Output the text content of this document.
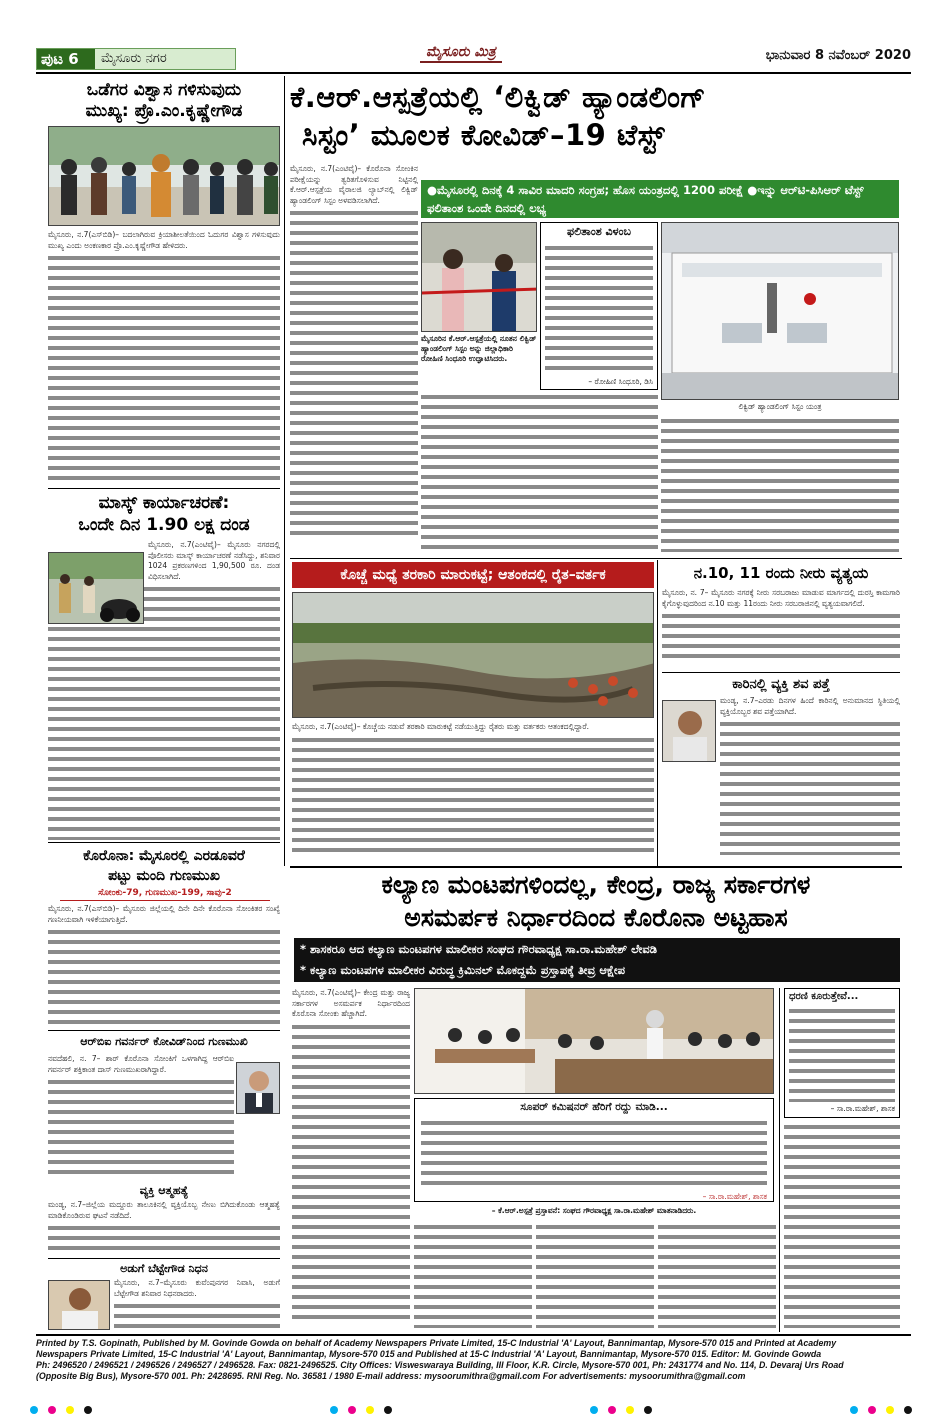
ಪುಟ 6	ಮೈಸೂರು ನಗರ	ಮೈಸೂರು ಮಿತ್ರ	ಭಾನುವಾರ 8 ನವೆಂಬರ್ 2020
ಒಡೆಗರ ವಿಶ್ವಾಸ ಗಳಿಸುವುದು
ಮುಖ್ಯ: ಪ್ರೊ.ಎಂ.ಕೃಷ್ಣೇಗೌಡ
ಮೈಸೂರು, ನ.7(ಎಸ್‌ಬಿಡಿ)– ಬದಲಾಗಿರುವ ಕ್ರಿಯಾಶೀಲತೆಯಿಂದ ಓದುಗರ ವಿಶ್ವಾಸ ಗಳಿಸುವುದು ಮುಖ್ಯ ಎಂದು ಅಂಕಣಕಾರ ಪ್ರೊ.ಎಂ.ಕೃಷ್ಣೇಗೌಡ ಹೇಳಿದರು.
ಮಾಸ್ಕ್ ಕಾರ್ಯಾಚರಣೆ:
ಒಂದೇ ದಿನ 1.90 ಲಕ್ಷ ದಂಡ
ಮೈಸೂರು, ನ.7(ಎಂಟಿವೈ)– ಮೈಸೂರು ನಗರದಲ್ಲಿ ಪೊಲೀಸರು ಮಾಸ್ಕ್ ಕಾರ್ಯಾಚರಣೆ ನಡೆಸಿದ್ದು, ಶನಿವಾರ 1024 ಪ್ರಕರಣಗಳಿಂದ 1,90,500 ರೂ. ದಂಡ ವಿಧಿಸಲಾಗಿದೆ.
ಕೊರೊನಾ: ಮೈಸೂರಲ್ಲಿ ಎರಡೂವರೆ
ಪಟ್ಟು ಮಂದಿ ಗುಣಮುಖ
ಸೋಂಕು-79, ಗುಣಮುಖ-199, ಸಾವು-2
ಮೈಸೂರು, ನ.7(ಎಸ್‌ಬಿಡಿ)– ಮೈಸೂರು ಜಿಲ್ಲೆಯಲ್ಲಿ ದಿನೇ ದಿನೇ ಕೊರೊನಾ ಸೋಂಕಿತರ ಸಂಖ್ಯೆ ಗಣನೀಯವಾಗಿ ಇಳಿಕೆಯಾಗುತ್ತಿದೆ.
ಆರ್‌ಬಿಐ ಗವರ್ನರ್ ಕೋವಿಡ್‌ನಿಂದ ಗುಣಮುಖಿ
ನವದೆಹಲಿ, ನ. 7– ಶಾರ್ ಕೊರೊನಾ ಸೋಂಕಿಗೆ ಒಳಗಾಗಿದ್ದ ಆರ್‌ಬಿಐ ಗವರ್ನರ್ ಶಕ್ತಿಕಾಂತ ದಾಸ್ ಗುಣಮುಖರಾಗಿದ್ದಾರೆ.
ವ್ಯಕ್ತಿ ಆತ್ಮಹತ್ಯೆ
ಮಂಡ್ಯ, ನ.7–ಜಿಲ್ಲೆಯ ಮದ್ದೂರು ತಾಲೂಕಿನಲ್ಲಿ ವ್ಯಕ್ತಿಯೊಬ್ಬ ನೇಣು ಬಿಗಿದುಕೊಂಡು ಆತ್ಮಹತ್ಯೆ ಮಾಡಿಕೊಂಡಿರುವ ಘಟನೆ ನಡೆದಿದೆ.
ಅಡುಗೆ ಬೆಟ್ಟೇಗೌಡ ನಿಧನ
ಮೈಸೂರು, ನ.7–ಮೈಸೂರು ಕುವೆಂಪುನಗರ ನಿವಾಸಿ, ಅಡುಗೆ ಬೆಟ್ಟೇಗೌಡ ಶನಿವಾರ ನಿಧನರಾದರು.
ಕೆ.ಆರ್.ಆಸ್ಪತ್ರೆಯಲ್ಲಿ ‘ಲಿಕ್ವಿಡ್ ಹ್ಯಾಂಡಲಿಂಗ್
ಸಿಸ್ಟಂ’ ಮೂಲಕ ಕೋವಿಡ್–19 ಟೆಸ್ಟ್
ಮೈಸೂರು, ನ.7(ಎಂಟಿವೈ)– ಕೊರೊನಾ ಸೋಂಕಿನ ಪರೀಕ್ಷೆಯನ್ನು ತ್ವರಿತಗೊಳಿಸುವ ನಿಟ್ಟಿನಲ್ಲಿ ಕೆ.ಆರ್.ಆಸ್ಪತ್ರೆಯ ವೈರಾಲಜಿ ಲ್ಯಾಬ್‌ನಲ್ಲಿ ಲಿಕ್ವಿಡ್ ಹ್ಯಾಂಡಲಿಂಗ್ ಸಿಸ್ಟಂ ಅಳವಡಿಸಲಾಗಿದೆ.
●ಮೈಸೂರಲ್ಲಿ ದಿನಕ್ಕೆ 4 ಸಾವಿರ ಮಾದರಿ ಸಂಗ್ರಹ; ಹೊಸ ಯಂತ್ರದಲ್ಲಿ 1200 ಪರೀಕ್ಷೆ ●ಇನ್ನು ಆರ್‌ಟಿ-ಪಿಸಿಆರ್ ಟೆಸ್ಟ್ ಫಲಿತಾಂಶ ಒಂದೇ ದಿನದಲ್ಲಿ ಲಭ್ಯ
ಮೈಸೂರಿನ ಕೆ.ಆರ್.ಆಸ್ಪತ್ರೆಯಲ್ಲಿ ನೂತನ ಲಿಕ್ವಿಡ್ ಹ್ಯಾಂಡಲಿಂಗ್ ಸಿಸ್ಟಂ ಅನ್ನು ಜಿಲ್ಲಾಧಿಕಾರಿ ರೋಹಿಣಿ ಸಿಂಧೂರಿ ಉದ್ಘಾಟಿಸಿದರು.
ಫಲಿತಾಂಶ ವಿಳಂಬ
– ರೋಹಿಣಿ ಸಿಂಧೂರಿ, ಡಿಸಿ
ಲಿಕ್ವಿಡ್ ಹ್ಯಾಂಡಲಿಂಗ್ ಸಿಸ್ಟಂ ಯಂತ್ರ
ಕೊಚ್ಚೆ ಮಧ್ಯೆ ತರಕಾರಿ ಮಾರುಕಟ್ಟೆ; ಆತಂಕದಲ್ಲಿ ರೈತ–ವರ್ತಕ
ಮೈಸೂರು, ನ.7(ಎಂಟಿವೈ)– ಕೊಚ್ಚೆಯ ನಡುವೆ ತರಕಾರಿ ಮಾರುಕಟ್ಟೆ ನಡೆಯುತ್ತಿದ್ದು ರೈತರು ಮತ್ತು ವರ್ತಕರು ಆತಂಕದಲ್ಲಿದ್ದಾರೆ.
ನ.10, 11 ರಂದು ನೀರು ವ್ಯತ್ಯಯ
ಮೈಸೂರು, ನ. 7– ಮೈಸೂರು ನಗರಕ್ಕೆ ನೀರು ಸರಬರಾಜು ಮಾಡುವ ಮಾರ್ಗದಲ್ಲಿ ದುರಸ್ತಿ ಕಾಮಗಾರಿ ಕೈಗೊಳ್ಳುವುದರಿಂದ ನ.10 ಮತ್ತು 11ರಂದು ನೀರು ಸರಬರಾಜಿನಲ್ಲಿ ವ್ಯತ್ಯಯವಾಗಲಿದೆ.
ಕಾರಿನಲ್ಲಿ ವ್ಯಕ್ತಿ ಶವ ಪತ್ತೆ
ಮಂಡ್ಯ, ನ.7–ಎರಡು ದಿನಗಳ ಹಿಂದೆ ಕಾರಿನಲ್ಲಿ ಅನುಮಾನದ ಸ್ಥಿತಿಯಲ್ಲಿ ವ್ಯಕ್ತಿಯೊಬ್ಬರ ಶವ ಪತ್ತೆಯಾಗಿದೆ.
ಕಲ್ಯಾಣ ಮಂಟಪಗಳಿಂದಲ್ಲ, ಕೇಂದ್ರ, ರಾಜ್ಯ ಸರ್ಕಾರಗಳ
ಅಸಮರ್ಪಕ ನಿರ್ಧಾರದಿಂದ ಕೊರೊನಾ ಅಟ್ಟಹಾಸ
* ಶಾಸಕರೂ ಆದ ಕಲ್ಯಾಣ ಮಂಟಪಗಳ ಮಾಲೀಕರ ಸಂಘದ ಗೌರವಾಧ್ಯಕ್ಷ ಸಾ.ರಾ.ಮಹೇಶ್ ಲೇವಡಿ
* ಕಲ್ಯಾಣ ಮಂಟಪಗಳ ಮಾಲೀಕರ ವಿರುದ್ಧ ಕ್ರಿಮಿನಲ್ ಮೊಕದ್ದಮೆ ಪ್ರಸ್ತಾಪಕ್ಕೆ ತೀವ್ರ ಆಕ್ಷೇಪ
ಮೈಸೂರು, ನ.7(ಎಂಟಿವೈ)– ಕೇಂದ್ರ ಮತ್ತು ರಾಜ್ಯ ಸರ್ಕಾರಗಳ ಅಸಮರ್ಪಕ ನಿರ್ಧಾರದಿಂದ ಕೊರೊನಾ ಸೋಂಕು ಹೆಚ್ಚಾಗಿದೆ.
ಸೂಪರ್ ಕಮಿಷನರ್ ಹೆರಿಗೆ ರದ್ದು ಮಾಡಿ...
– ಸಾ.ರಾ.ಮಹೇಶ್, ಶಾಸಕ
– ಕೆ.ಆರ್.ಅಸ್ಪತ್ರೆ ಪ್ರಸ್ತಾವನೆ: ಸಂಘದ ಗೌರವಾಧ್ಯಕ್ಷ ಸಾ.ರಾ.ಮಹೇಶ್ ಮಾತನಾಡಿದರು.
ಧರಣಿ ಕೂರುತ್ತೇವೆ...
– ಸಾ.ರಾ.ಮಹೇಶ್, ಶಾಸಕ
Printed by T.S. Gopinath, Published by M. Govinde Gowda on behalf of Academy Newspapers Private Limited, 15-C Industrial 'A' Layout, Bannimantap, Mysore-570 015 and Printed at Academy
Newspapers Private Limited, 15-C Industrial 'A' Layout, Bannimantap, Mysore-570 015 and Published at 15-C Industrial 'A' Layout, Bannimantap, Mysore-570 015. Editor: M. Govinde Gowda
Ph: 2496520 / 2496521 / 2496526 / 2496527 / 2496528. Fax: 0821-2496525. City Offices: Visweswaraya Building, III Floor, K.R. Circle, Mysore-570 001, Ph: 2431774 and No. 114, D. Devaraj Urs Road
(Opposite Big Bus), Mysore-570 001. Ph: 2428695. RNI Reg. No. 36581 / 1980 E-mail address: mysoorumithra@gmail.com For advertisements: mysoorumithra@gmail.com
